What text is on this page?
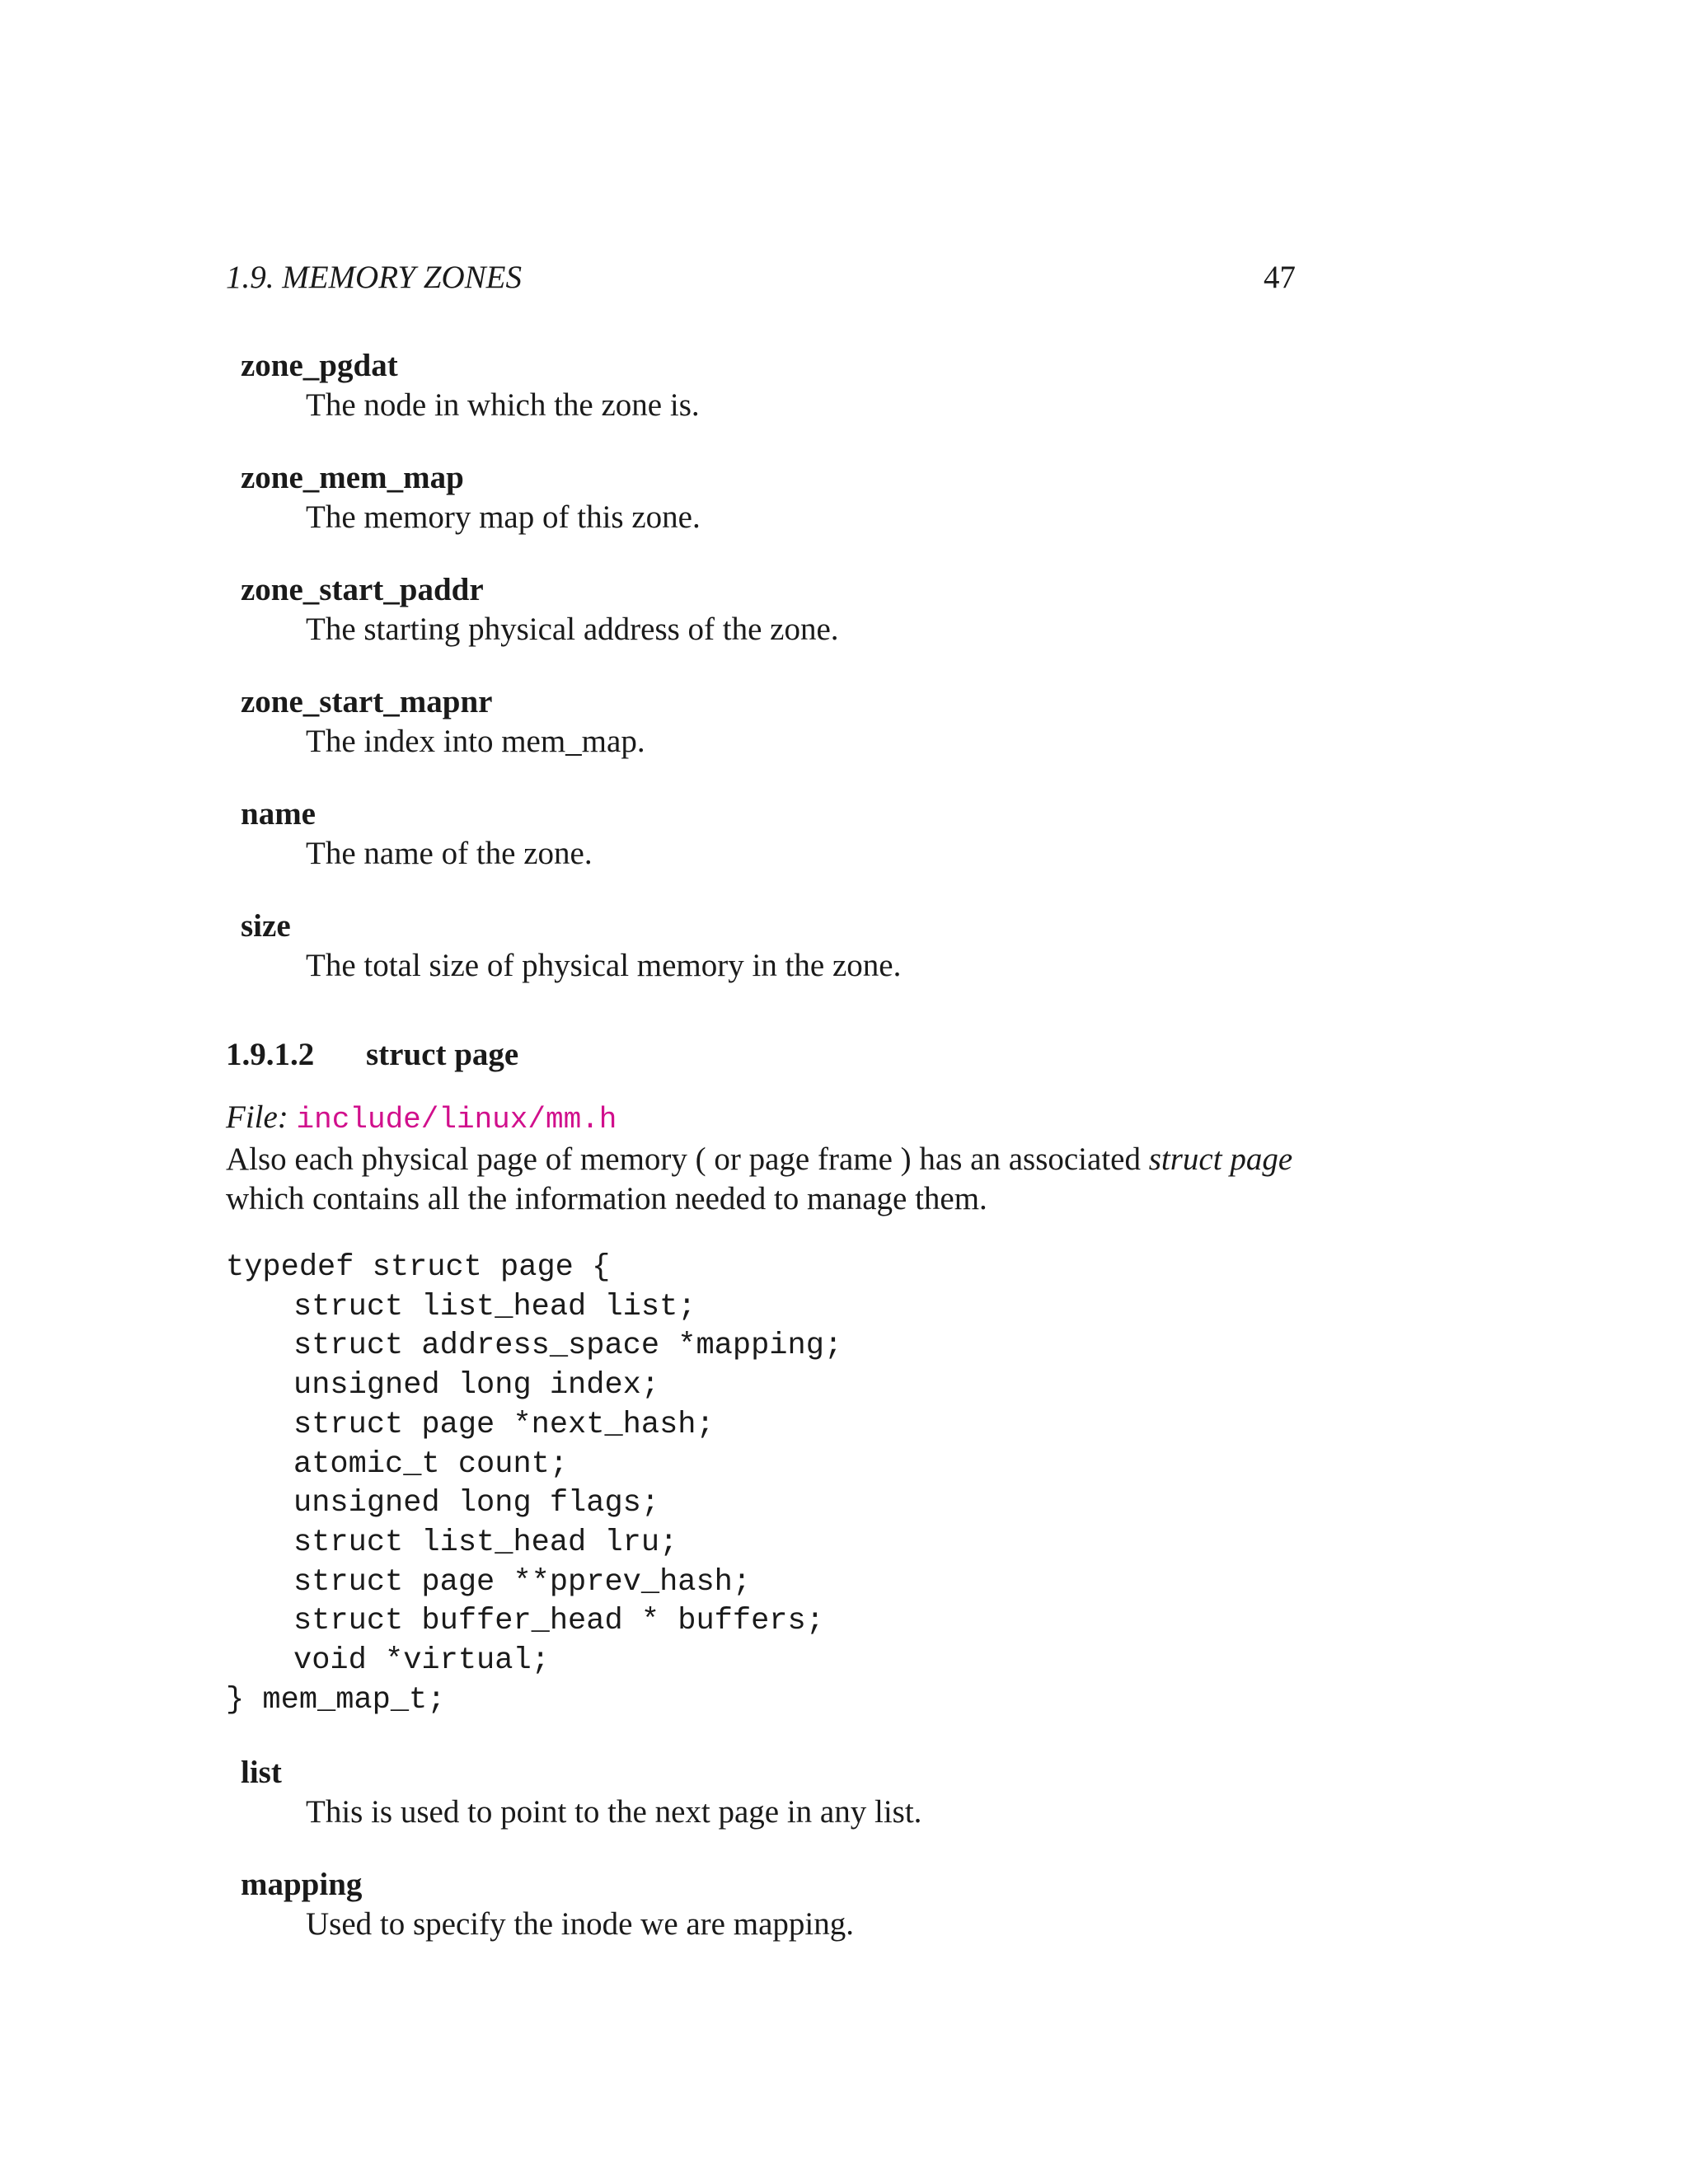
1.9. MEMORY ZONES	47
zone_pgdat
The node in which the zone is.
zone_mem_map
The memory map of this zone.
zone_start_paddr
The starting physical address of the zone.
zone_start_mapnr
The index into mem_map.
name
The name of the zone.
size
The total size of physical memory in the zone.
1.9.1.2 struct page
File: include/linux/mm.h
Also each physical page of memory ( or page frame ) has an associated struct page which contains all the information needed to manage them.
typedef struct page {
struct list_head list;
struct address_space *mapping;
unsigned long index;
struct page *next_hash;
atomic_t count;
unsigned long flags;
struct list_head lru;
struct page **pprev_hash;
struct buffer_head * buffers;
void *virtual;
} mem_map_t;
list
This is used to point to the next page in any list.
mapping
Used to specify the inode we are mapping.
